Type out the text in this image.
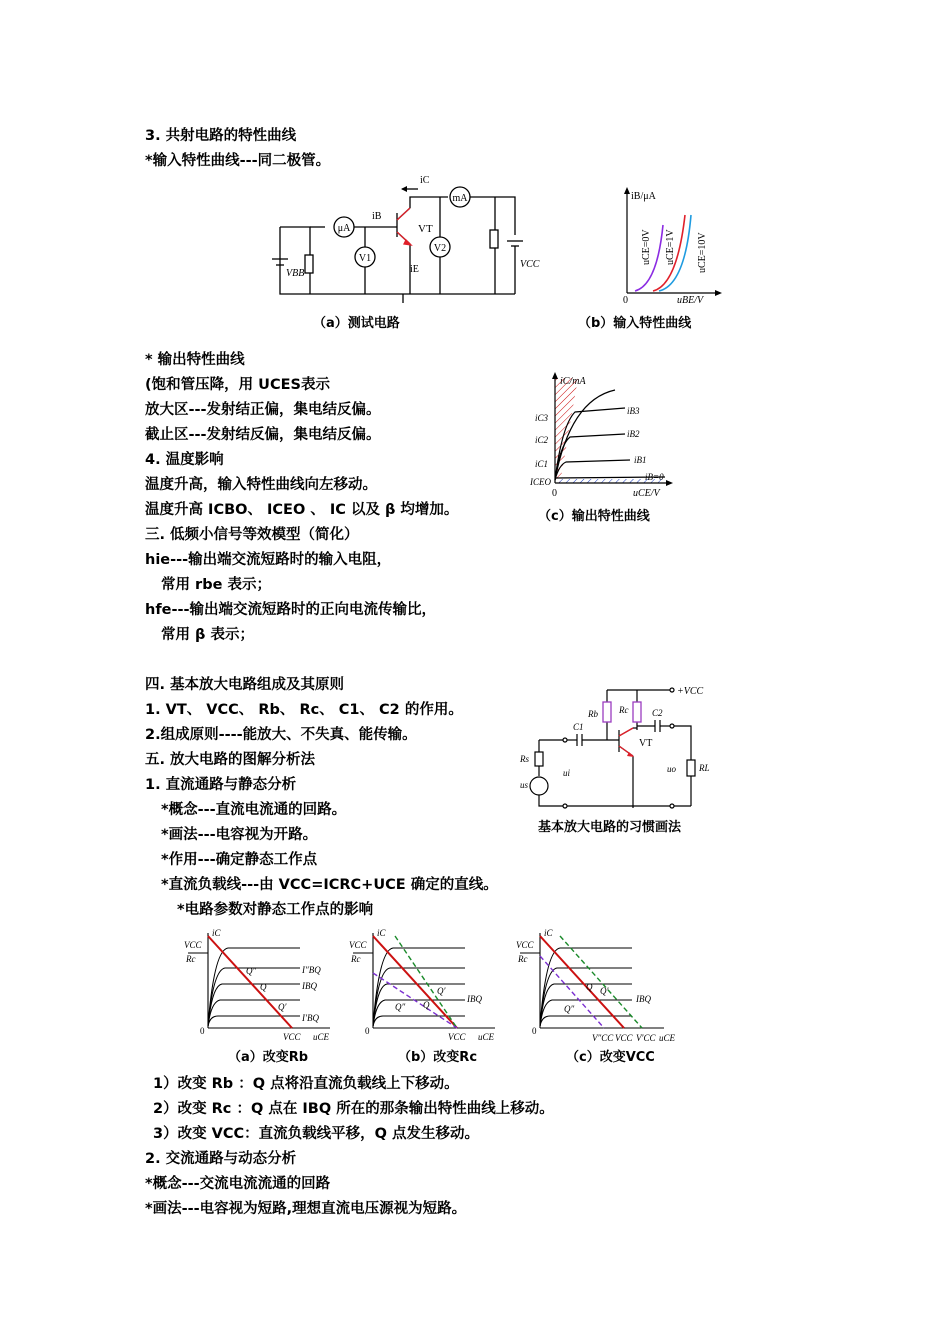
3. 共射电路的特性曲线
*输入特性曲线---同二极管。
* 输出特性曲线
(饱和管压降，用 UCES表示
放大区---发射结正偏，集电结反偏。
截止区---发射结反偏，集电结反偏。
4. 温度影响
温度升高，输入特性曲线向左移动。
温度升高 ICBO、 ICEO 、 IC 以及 β 均增加。
三. 低频小信号等效模型（简化）
hie---输出端交流短路时的输入电阻，
常用 rbe 表示；
hfe---输出端交流短路时的正向电流传输比，
常用 β 表示；
四. 基本放大电路组成及其原则
1. VT、 VCC、 Rb、 Rc、 C1、 C2 的作用。
2.组成原则----能放大、不失真、能传输。
五. 放大电路的图解分析法
1. 直流通路与静态分析
*概念---直流电流通的回路。
*画法---电容视为开路。
*作用---确定静态工作点
*直流负载线---由 VCC=ICRC+UCE 确定的直线。
*电路参数对静态工作点的影响
1）改变 Rb ：Q 点将沿直流负载线上下移动。
2）改变 Rc ：Q 点在 IBQ 所在的那条输出特性曲线上移动。
3）改变 VCC：直流负载线平移，Q 点发生移动。
2. 交流通路与动态分析
*概念---交流电流流通的回路
*画法---电容视为短路,理想直流电压源视为短路。
μA
mA
V1
V2
iC
iB
iE
VT
VBB
VCC
（a）测试电路
iB/μA
0	uBE/V
uCE=0V uCE=1V uCE=10V
（b）输入特性曲线
iC/mA
iB3
iB2
iB1
iB=0
iC3
iC2
iC1
ICEO
0	uCE/V
（c）输出特性曲线
+VCC
Rb Rc	C2
C1
VT
Rs
us
ui	uo	RL
基本放大电路的习惯画法
VCC
Rc
iC
0
VCC uCE
Q″
Q
Q′
I″BQ
IBQ
I′BQ
（a）改变Rb
VCC
Rc
iC
0
VCC uCE
Q′
Q
Q″
IBQ
（b）改变Rc
VCC
Rc
iC
0
V″CC VCC V′CC uCE
Q′
Q
Q″
IBQ
（c）改变VCC
